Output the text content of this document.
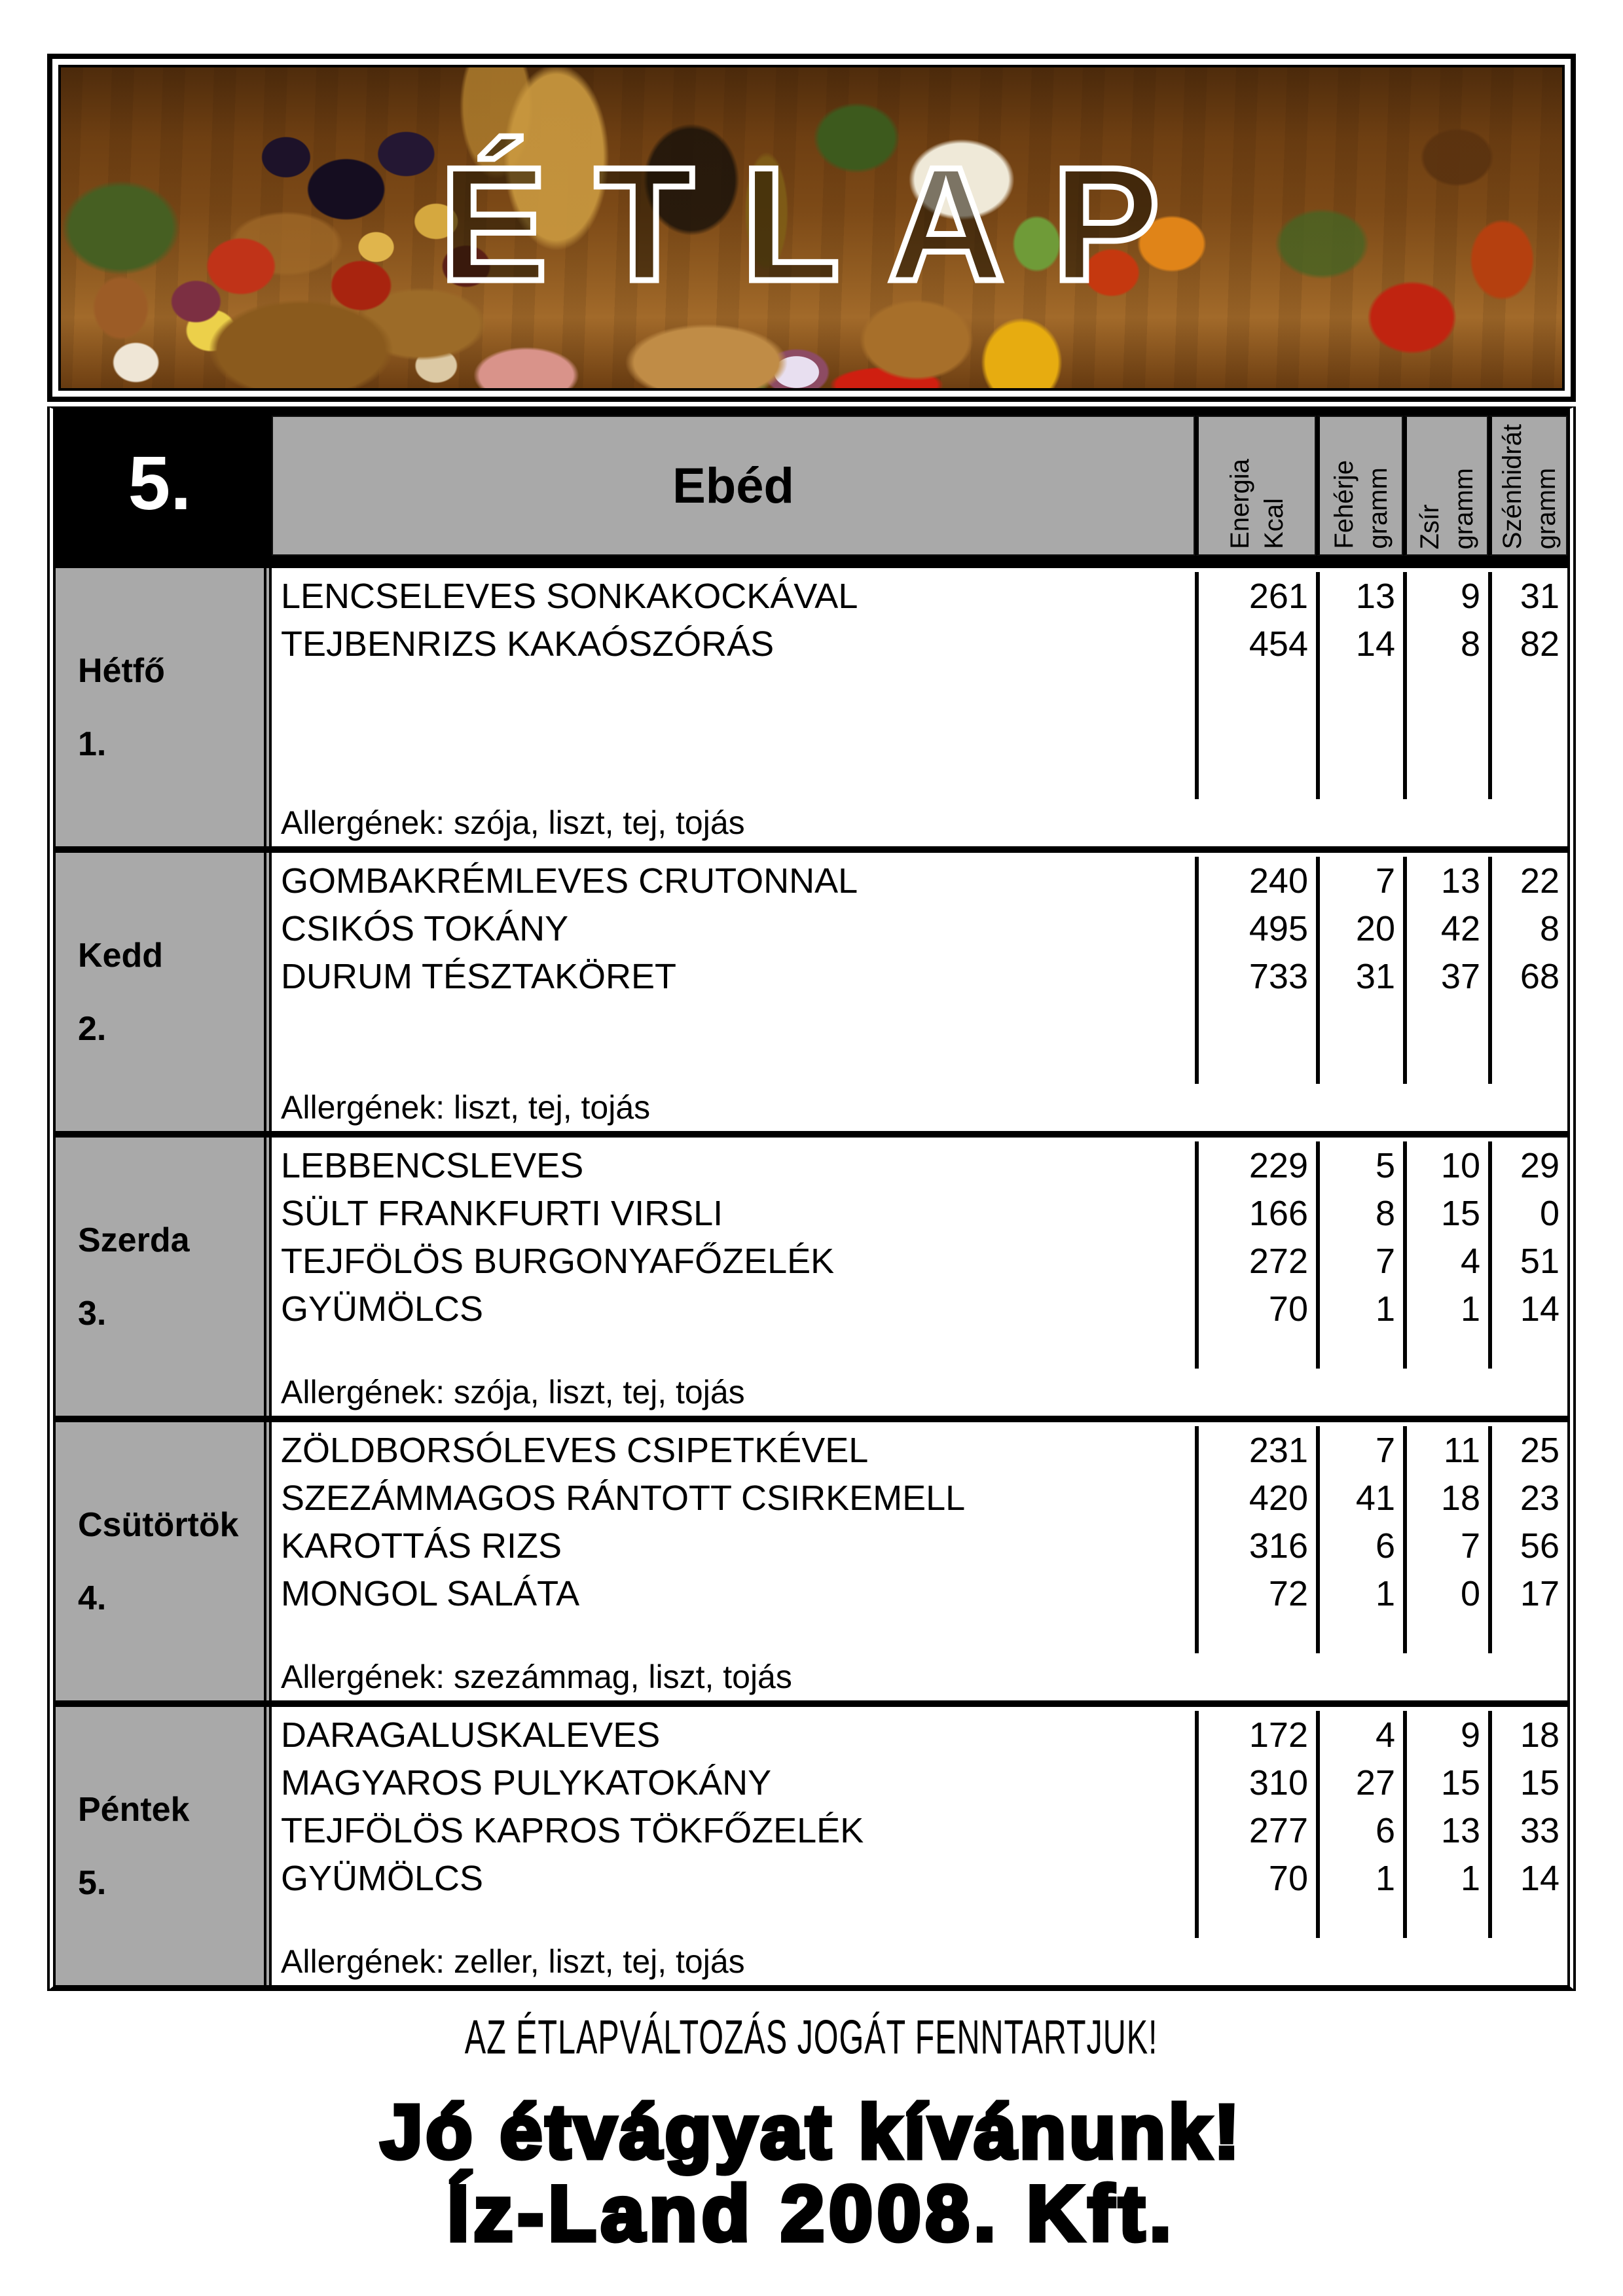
ÉTLAP
5.	Ebéd	Energia Kcal Fehérje gramm Zsír gramm Szénhidrát gramm
Hétfő
1.
LENCSELEVES SONKAKOCKÁVAL	261	13	9	31
TEJBENRIZS KAKAÓSZÓRÁS	454	14	8	82
Allergének: szója, liszt, tej, tojás
Kedd
2.
GOMBAKRÉMLEVES CRUTONNAL	240	7	13	22
CSIKÓS TOKÁNY	495	20	42	8
DURUM TÉSZTAKÖRET	733	31	37	68
Allergének: liszt, tej, tojás
Szerda
3.
LEBBENCSLEVES	229	5	10	29
SÜLT FRANKFURTI VIRSLI	166	8	15	0
TEJFÖLÖS BURGONYAFŐZELÉK	272	7	4	51
GYÜMÖLCS	70	1	1	14
Allergének: szója, liszt, tej, tojás
Csütörtök
4.
ZÖLDBORSÓLEVES CSIPETKÉVEL	231	7	11	25
SZEZÁMMAGOS RÁNTOTT CSIRKEMELL	420	41	18	23
KAROTTÁS RIZS	316	6	7	56
MONGOL SALÁTA	72	1	0	17
Allergének: szezámmag, liszt, tojás
Péntek
5.
DARAGALUSKALEVES	172	4	9	18
MAGYAROS PULYKATOKÁNY	310	27	15	15
TEJFÖLÖS KAPROS TÖKFŐZELÉK	277	6	13	33
GYÜMÖLCS	70	1	1	14
Allergének: zeller, liszt, tej, tojás
AZ ÉTLAPVÁLTOZÁS JOGÁT FENNTARTJUK!
Jó étvágyat kívánunk!
Íz-Land 2008. Kft.
